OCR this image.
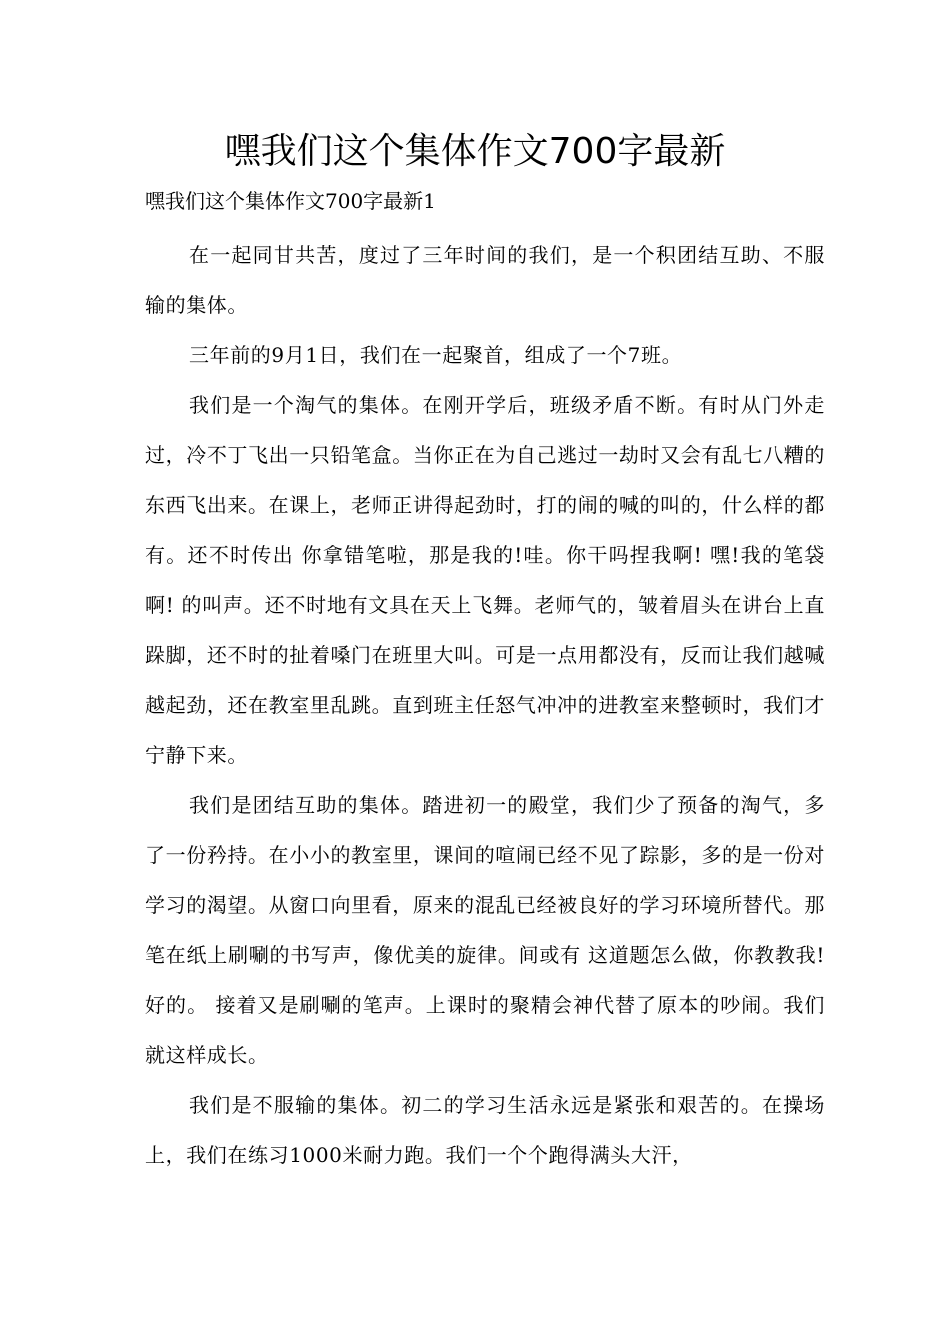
嘿我们这个集体作文700字最新

嘿我们这个集体作文700字最新1

在一起同甘共苦，度过了三年时间的我们，是一个积团结互助、不服输的集体。

三年前的9月1日，我们在一起聚首，组成了一个7班。

我们是一个淘气的集体。在刚开学后，班级矛盾不断。有时从门外走过，冷不丁飞出一只铅笔盒。当你正在为自己逃过一劫时又会有乱七八糟的东西飞出来。在课上，老师正讲得起劲时，打的闹的喊的叫的，什么样的都有。还不时传出 你拿错笔啦，那是我的!哇。你干吗捏我啊! 嘿!我的笔袋啊! 的叫声。还不时地有文具在天上飞舞。老师气的，皱着眉头在讲台上直跺脚，还不时的扯着嗓门在班里大叫。可是一点用都没有，反而让我们越喊越起劲，还在教室里乱跳。直到班主任怒气冲冲的进教室来整顿时，我们才宁静下来。

我们是团结互助的集体。踏进初一的殿堂，我们少了预备的淘气，多了一份矜持。在小小的教室里，课间的喧闹已经不见了踪影，多的是一份对学习的渴望。从窗口向里看，原来的混乱已经被良好的学习环境所替代。那笔在纸上刷唰的书写声，像优美的旋律。间或有 这道题怎么做，你教教我! 好的。 接着又是刷唰的笔声。上课时的聚精会神代替了原本的吵闹。我们就这样成长。

我们是不服输的集体。初二的学习生活永远是紧张和艰苦的。在操场上，我们在练习1000米耐力跑。我们一个个跑得满头大汗，
